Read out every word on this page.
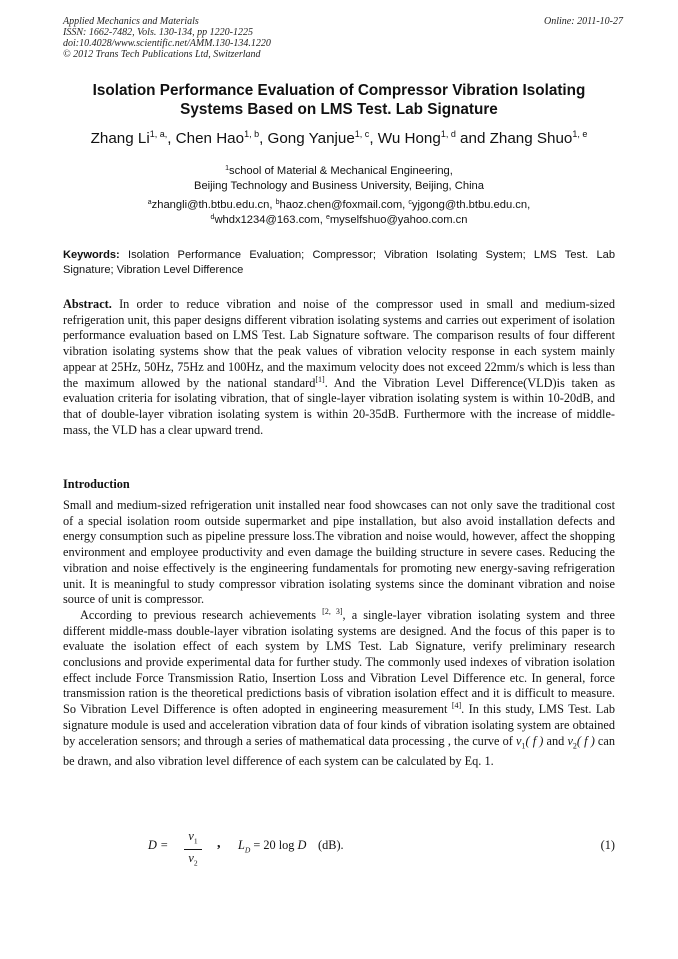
Applied Mechanics and Materials
ISSN: 1662-7482, Vols. 130-134, pp 1220-1225
doi:10.4028/www.scientific.net/AMM.130-134.1220
© 2012 Trans Tech Publications Ltd, Switzerland
Online: 2011-10-27
Isolation Performance Evaluation of Compressor Vibration Isolating Systems Based on LMS Test. Lab Signature
Zhang $Li^{1, a,}$, Chen Hao$^{1, b}$, Gong Yanjue$^{1, c}$, Wu Hong$^{1, d}$ and Zhang Shuo$^{1, e}$
$^1$school of Material & Mechanical Engineering,
Beijing Technology and Business University, Beijing, China
$^a$zhangli@th.btbu.edu.cn, $^b$haoz.chen@foxmail.com, $^c$yjgong@th.btbu.edu.cn,
$^d$whdx1234@163.com, $^e$myselfshuo@yahoo.com.cn
Keywords: Isolation Performance Evaluation; Compressor; Vibration Isolating System; LMS Test. Lab Signature; Vibration Level Difference
Abstract. In order to reduce vibration and noise of the compressor used in small and medium-sized refrigeration unit, this paper designs different vibration isolating systems and carries out experiment of isolation performance evaluation based on LMS Test. Lab Signature software. The comparison results of four different vibration isolating systems show that the peak values of vibration velocity response in each system mainly appear at 25Hz, 50Hz, 75Hz and 100Hz, and the maximum velocity does not exceed 22mm/s which is less than the maximum allowed by the national standard[1]. And the Vibration Level Difference(VLD)is taken as evaluation criteria for isolating vibration, that of single-layer vibration isolating system is within 10-20dB, and that of double-layer vibration isolating system is within 20-35dB. Furthermore with the increase of middle-mass, the VLD has a clear upward trend.
Introduction

Small and medium-sized refrigeration unit installed near food showcases can not only save the traditional cost of a special isolation room outside supermarket and pipe installation, but also avoid installation defects and energy consumption such as pipeline pressure loss.The vibration and noise would, however, affect the shopping environment and employee productivity and even damage the building structure in severe cases. Reducing the vibration and noise effectively is the engineering fundamentals for promoting new energy-saving refrigeration unit. It is meaningful to study compressor vibration isolating systems since the dominant vibration and noise source of unit is compressor.

According to previous research achievements [2, 3], a single-layer vibration isolating system and three different middle-mass double-layer vibration isolating systems are designed. And the focus of this paper is to evaluate the isolation effect of each system by LMS Test. Lab Signature, verify preliminary research conclusions and provide experimental data for further study. The commonly used indexes of vibration isolation effect include Force Transmission Ratio, Insertion Loss and Vibration Level Difference etc. In general, force transmission ration is the theoretical predictions basis of vibration isolation effect and it is difficult to measure. So Vibration Level Difference is often adopted in engineering measurement [4]. In this study, LMS Test. Lab signature module is used and acceleration vibration data of four kinds of vibration isolating system are obtained by acceleration sensors; and through a series of mathematical data processing , the curve of $v_1$( f ) and $v_2$( f ) can be drawn, and also vibration level difference of each system can be calculated by Eq. 1.

D =
$v_1$
$v_2$
, $L_D = 20$ log D (dB).	(1)
